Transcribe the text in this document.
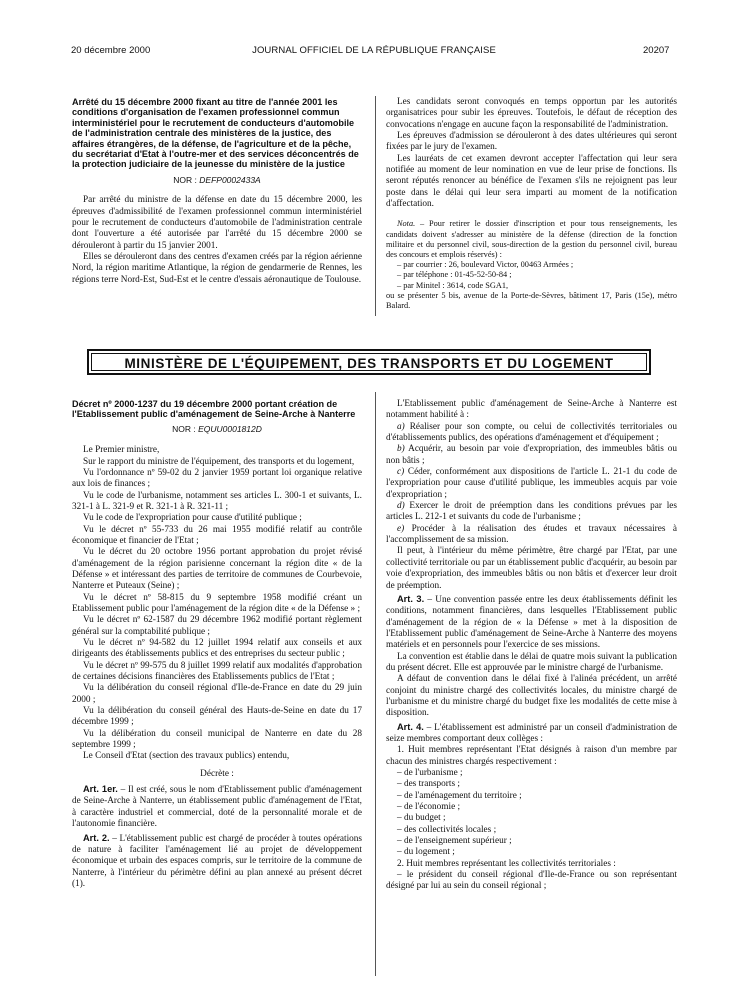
20 décembre 2000	JOURNAL OFFICIEL DE LA RÉPUBLIQUE FRANÇAISE	20207

Arrêté du 15 décembre 2000 fixant au titre de l'année 2001 les conditions d'organisation de l'examen professionnel commun interministériel pour le recrutement de conducteurs d'automobile de l'administration centrale des ministères de la justice, des affaires étrangères, de la défense, de l'agriculture et de la pêche, du secrétariat d'Etat à l'outre-mer et des services déconcentrés de la protection judiciaire de la jeunesse du ministère de la justice

NOR : DEFP0002433A

Par arrêté du ministre de la défense en date du 15 décembre 2000, les épreuves d'admissibilité de l'examen professionnel commun interministériel pour le recrutement de conducteurs d'automobile de l'administration centrale dont l'ouverture a été autorisée par l'arrêté du 15 décembre 2000 se dérouleront à partir du 15 janvier 2001.

Elles se dérouleront dans des centres d'examen créés par la région aérienne Nord, la région maritime Atlantique, la région de gendarmerie de Rennes, les régions terre Nord-Est, Sud-Est et le centre d'essais aéronautique de Toulouse.

Les candidats seront convoqués en temps opportun par les autorités organisatrices pour subir les épreuves. Toutefois, le défaut de réception des convocations n'engage en aucune façon la responsabilité de l'administration.

Les épreuves d'admission se dérouleront à des dates ultérieures qui seront fixées par le jury de l'examen.

Les lauréats de cet examen devront accepter l'affectation qui leur sera notifiée au moment de leur nomination en vue de leur prise de fonctions. Ils seront réputés renoncer au bénéfice de l'examen s'ils ne rejoignent pas leur poste dans le délai qui leur sera imparti au moment de la notification d'affectation.

Nota. – Pour retirer le dossier d'inscription et pour tous renseignements, les candidats doivent s'adresser au ministère de la défense (direction de la fonction militaire et du personnel civil, sous-direction de la gestion du personnel civil, bureau des concours et emplois réservés) :

– par courrier : 26, boulevard Victor, 00463 Armées ;

– par téléphone : 01-45-52-50-84 ;

– par Minitel : 3614, code SGA1,

ou se présenter 5 bis, avenue de la Porte-de-Sèvres, bâtiment 17, Paris (15e), métro Balard.

MINISTÈRE DE L'ÉQUIPEMENT, DES TRANSPORTS ET DU LOGEMENT

Décret nº 2000-1237 du 19 décembre 2000 portant création de l'Etablissement public d'aménagement de Seine-Arche à Nanterre

NOR : EQUU0001812D

Le Premier ministre,

Sur le rapport du ministre de l'équipement, des transports et du logement,

Vu l'ordonnance nº 59-02 du 2 janvier 1959 portant loi organique relative aux lois de finances ;

Vu le code de l'urbanisme, notamment ses articles L. 300-1 et suivants, L. 321-1 à L. 321-9 et R. 321-1 à R. 321-11 ;

Vu le code de l'expropriation pour cause d'utilité publique ;

Vu le décret nº 55-733 du 26 mai 1955 modifié relatif au contrôle économique et financier de l'Etat ;

Vu le décret du 20 octobre 1956 portant approbation du projet révisé d'aménagement de la région parisienne concernant la région dite « de la Défense » et intéressant des parties de territoire de communes de Courbevoie, Nanterre et Puteaux (Seine) ;

Vu le décret nº 58-815 du 9 septembre 1958 modifié créant un Etablissement public pour l'aménagement de la région dite « de la Défense » ;

Vu le décret nº 62-1587 du 29 décembre 1962 modifié portant règlement général sur la comptabilité publique ;

Vu le décret nº 94-582 du 12 juillet 1994 relatif aux conseils et aux dirigeants des établissements publics et des entreprises du secteur public ;

Vu le décret nº 99-575 du 8 juillet 1999 relatif aux modalités d'approbation de certaines décisions financières des Etablissements publics de l'Etat ;

Vu la délibération du conseil régional d'Ile-de-France en date du 29 juin 2000 ;

Vu la délibération du conseil général des Hauts-de-Seine en date du 17 décembre 1999 ;

Vu la délibération du conseil municipal de Nanterre en date du 28 septembre 1999 ;

Le Conseil d'Etat (section des travaux publics) entendu,

Décrète :

Art. 1er. – Il est créé, sous le nom d'Etablissement public d'aménagement de Seine-Arche à Nanterre, un établissement public d'aménagement de l'Etat, à caractère industriel et commercial, doté de la personnalité morale et de l'autonomie financière.

Art. 2. – L'établissement public est chargé de procéder à toutes opérations de nature à faciliter l'aménagement lié au projet de développement économique et urbain des espaces compris, sur le territoire de la commune de Nanterre, à l'intérieur du périmètre défini au plan annexé au présent décret (1).

L'Etablissement public d'aménagement de Seine-Arche à Nanterre est notamment habilité à :

a) Réaliser pour son compte, ou celui de collectivités territoriales ou d'établissements publics, des opérations d'aménagement et d'équipement ;

b) Acquérir, au besoin par voie d'expropriation, des immeubles bâtis ou non bâtis ;

c) Céder, conformément aux dispositions de l'article L. 21-1 du code de l'expropriation pour cause d'utilité publique, les immeubles acquis par voie d'expropriation ;

d) Exercer le droit de préemption dans les conditions prévues par les articles L. 212-1 et suivants du code de l'urbanisme ;

e) Procéder à la réalisation des études et travaux nécessaires à l'accomplissement de sa mission.

Il peut, à l'intérieur du même périmètre, être chargé par l'Etat, par une collectivité territoriale ou par un établissement public d'acquérir, au besoin par voie d'expropriation, des immeubles bâtis ou non bâtis et d'exercer leur droit de préemption.

Art. 3. – Une convention passée entre les deux établissements définit les conditions, notamment financières, dans lesquelles l'Etablissement public d'aménagement de la région de « la Défense » met à la disposition de l'Etablissement public d'aménagement de Seine-Arche à Nanterre des moyens matériels et en personnels pour l'exercice de ses missions.

La convention est établie dans le délai de quatre mois suivant la publication du présent décret. Elle est approuvée par le ministre chargé de l'urbanisme.

A défaut de convention dans le délai fixé à l'alinéa précédent, un arrêté conjoint du ministre chargé des collectivités locales, du ministre chargé de l'urbanisme et du ministre chargé du budget fixe les modalités de cette mise à disposition.

Art. 4. – L'établissement est administré par un conseil d'administration de seize membres comportant deux collèges :

1. Huit membres représentant l'Etat désignés à raison d'un membre par chacun des ministres chargés respectivement :

– de l'urbanisme ;

– des transports ;

– de l'aménagement du territoire ;

– de l'économie ;

– du budget ;

– des collectivités locales ;

– de l'enseignement supérieur ;

– du logement ;

2. Huit membres représentant les collectivités territoriales :

– le président du conseil régional d'Ile-de-France ou son représentant désigné par lui au sein du conseil régional ;
